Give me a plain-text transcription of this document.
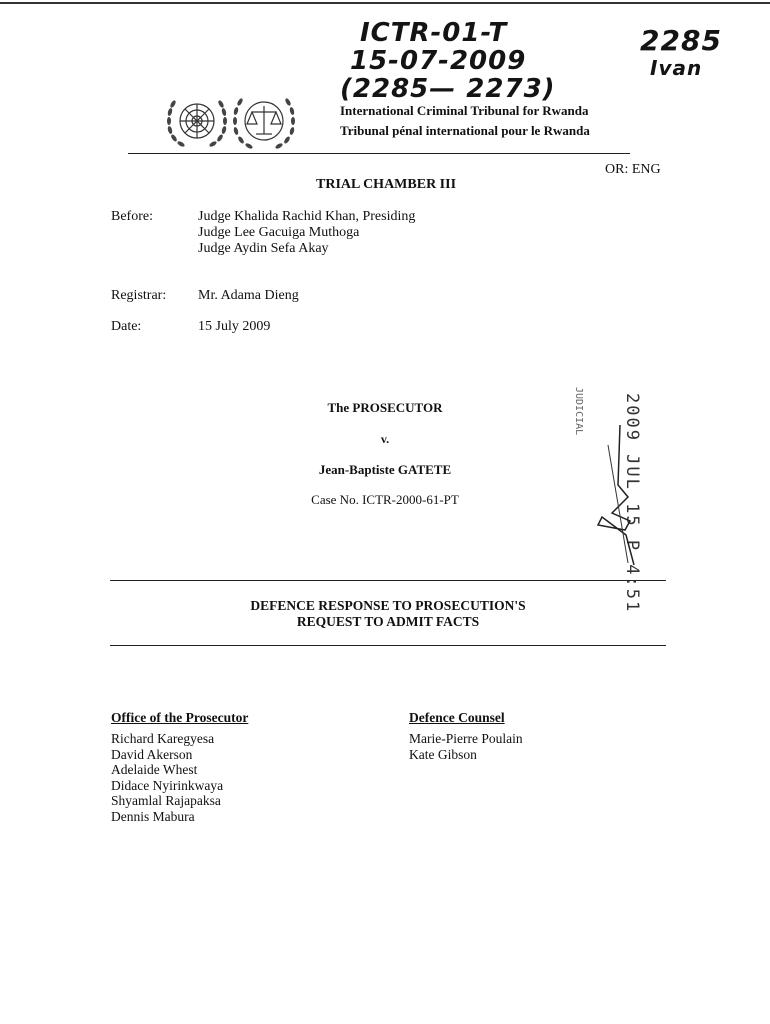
ICTR-01-T
15-07-2009
(2285— 2273)
2285
Ivan
International Criminal Tribunal for Rwanda
Tribunal pénal international pour le Rwanda
OR: ENG
TRIAL CHAMBER III
Before:	Judge Khalida Rachid Khan, Presiding
Judge Lee Gacuiga Muthoga
Judge Aydin Sefa Akay
Registrar: Mr. Adama Dieng
Date:	15 July 2009
The PROSECUTOR
v.
Jean-Baptiste GATETE
Case No. ICTR-2000-61-PT	2009 JUL 15 P 4:51
JUDICIAL
DEFENCE RESPONSE TO PROSECUTION'S
REQUEST TO ADMIT FACTS
Office of the Prosecutor
Richard Karegyesa
David Akerson
Adelaide Whest
Didace Nyirinkwaya
Shyamlal Rajapaksa
Dennis Mabura
Defence Counsel
Marie-Pierre Poulain
Kate Gibson
